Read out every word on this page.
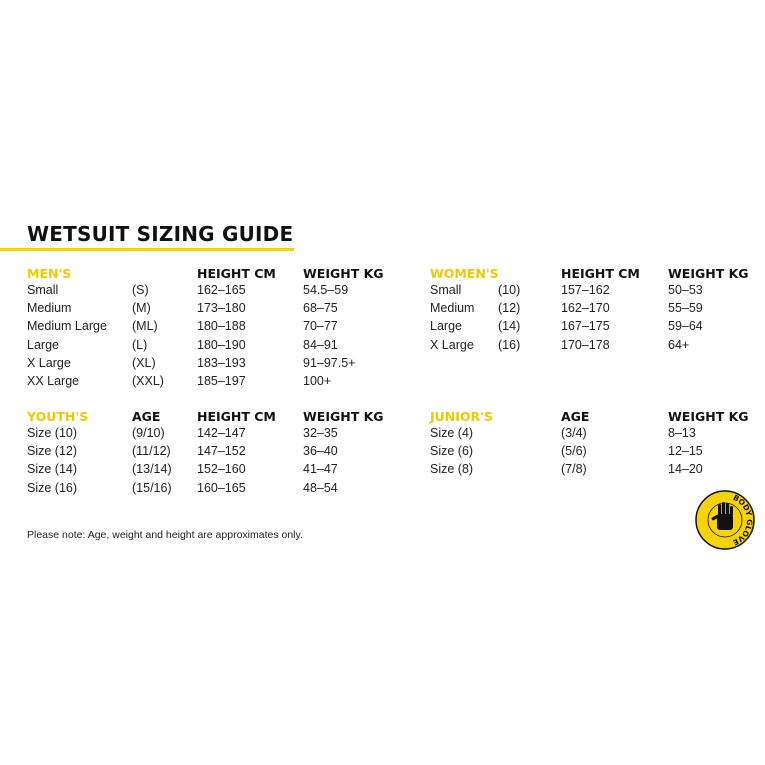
WETSUIT SIZING GUIDE
MEN'S	HEIGHT CM WEIGHT KG
Small	(S)	162–165	54.5–59
Medium	(M)	173–180	68–75
Medium Large (ML)	180–188	70–77
Large	(L)	180–190	84–91
X Large	(XL)	183–193	91–97.5+
XX Large	(XXL)	185–197	100+
WOMEN'S	HEIGHT CM WEIGHT KG
Small	(10)	157–162	50–53
Medium (12)	162–170	55–59
Large	(14)	167–175	59–64
X Large (16)	170–178	64+
YOUTH'S	AGE	HEIGHT CM WEIGHT KG
Size (10)	(9/10)	142–147	32–35
Size (12)	(11/12) 147–152	36–40
Size (14)	(13/14) 152–160	41–47
Size (16)	(15/16) 160–165	48–54
JUNIOR'S	AGE	WEIGHT KG
Size (4)	(3/4)	8–13
Size (6)	(5/6)	12–15
Size (8)	(7/8)	14–20
Please note: Age, weight and height are approximates only.
BODY GLOVE
